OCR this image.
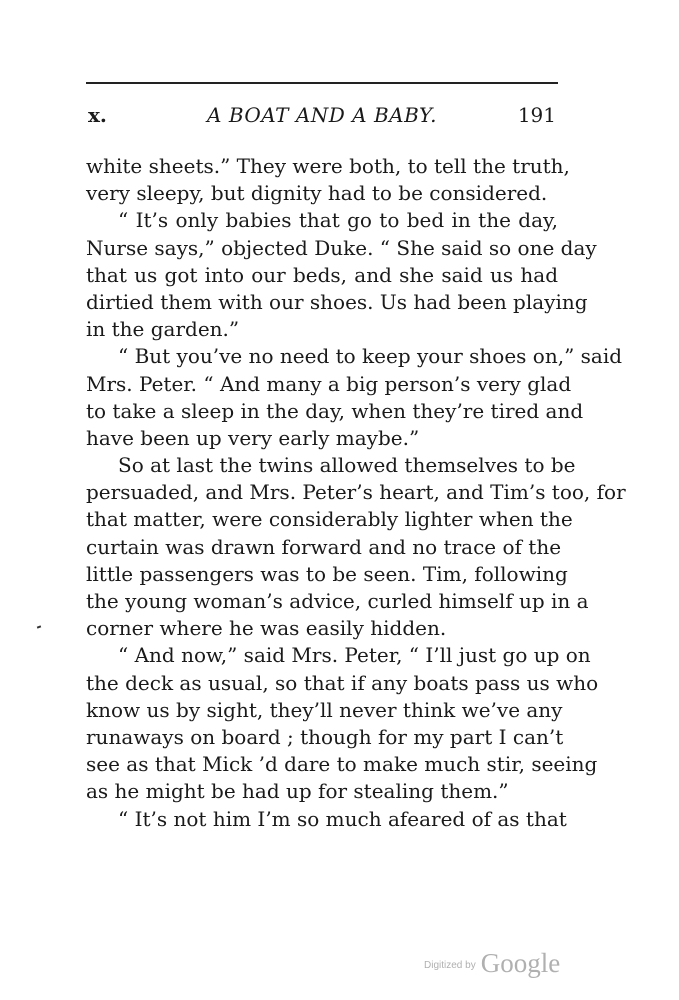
x.	A BOAT AND A BABY.	191
white sheets.” They were both, to tell the truth,
very sleepy, but dignity had to be considered.
“ It’s only babies that go to bed in the day,
Nurse says,” objected Duke. “ She said so one day
that us got into our beds, and she said us had
dirtied them with our shoes. Us had been playing
in the garden.”
“ But you’ve no need to keep your shoes on,” said
Mrs. Peter. “ And many a big person’s very glad
to take a sleep in the day, when they’re tired and
have been up very early maybe.”
So at last the twins allowed themselves to be
persuaded, and Mrs. Peter’s heart, and Tim’s too, for
that matter, were considerably lighter when the
curtain was drawn forward and no trace of the
little passengers was to be seen. Tim, following
the young woman’s advice, curled himself up in a
corner where he was easily hidden.
“ And now,” said Mrs. Peter, “ I’ll just go up on
the deck as usual, so that if any boats pass us who
know us by sight, they’ll never think we’ve any
runaways on board ; though for my part I can’t
see as that Mick ’d dare to make much stir, seeing
as he might be had up for stealing them.”
“ It’s not him I’m so much afeared of as that
$^{Digitized by}$ Google
